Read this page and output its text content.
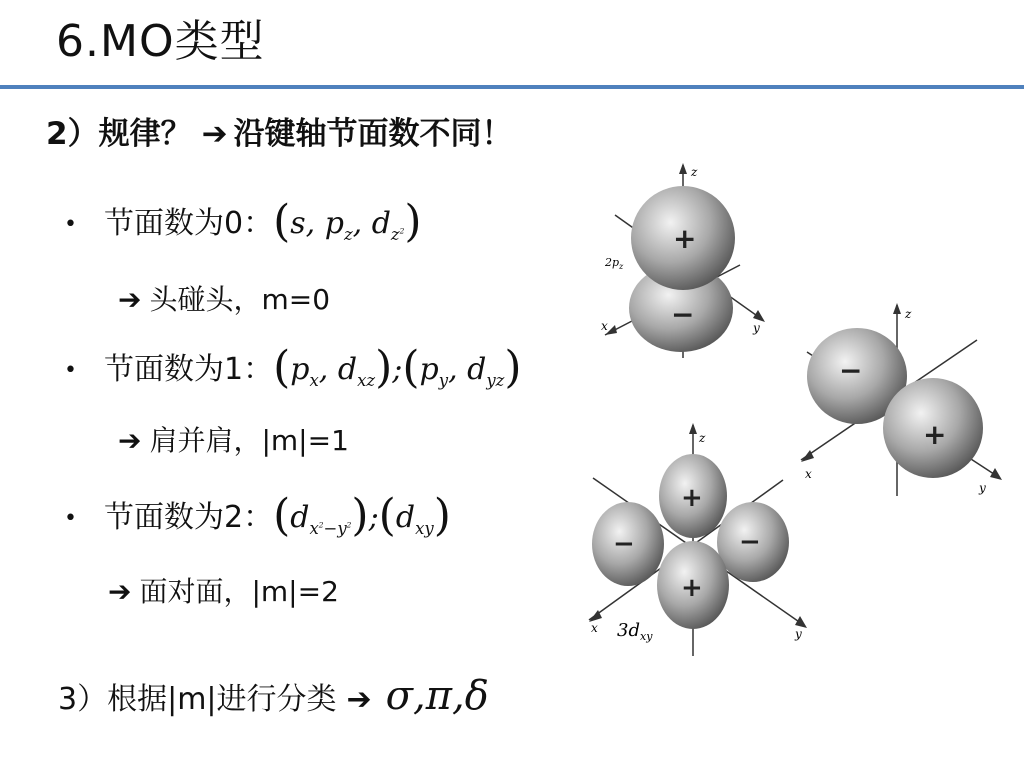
6.MO类型
2）规律？ ➔ 沿键轴节面数不同！
• 节面数为0：(s, $p_z$, $d_{z^2}$)
➔ 头碰头，m=0
• 节面数为1：($p_x$, $d_{xz});(p_y$, $d_{yz}$)
➔ 肩并肩，|m|=1
• 节面数为2：$(d_{x^2-y^2});(d_{xy})$
➔ 面对面，|m|=2
3）根据|m|进行分类 ➔ σ,π,δ
z
x	y
$2p_z$
+
−	z
x
y
−
+
z
x	y
+
−	−
+
$3d_{xy}$
